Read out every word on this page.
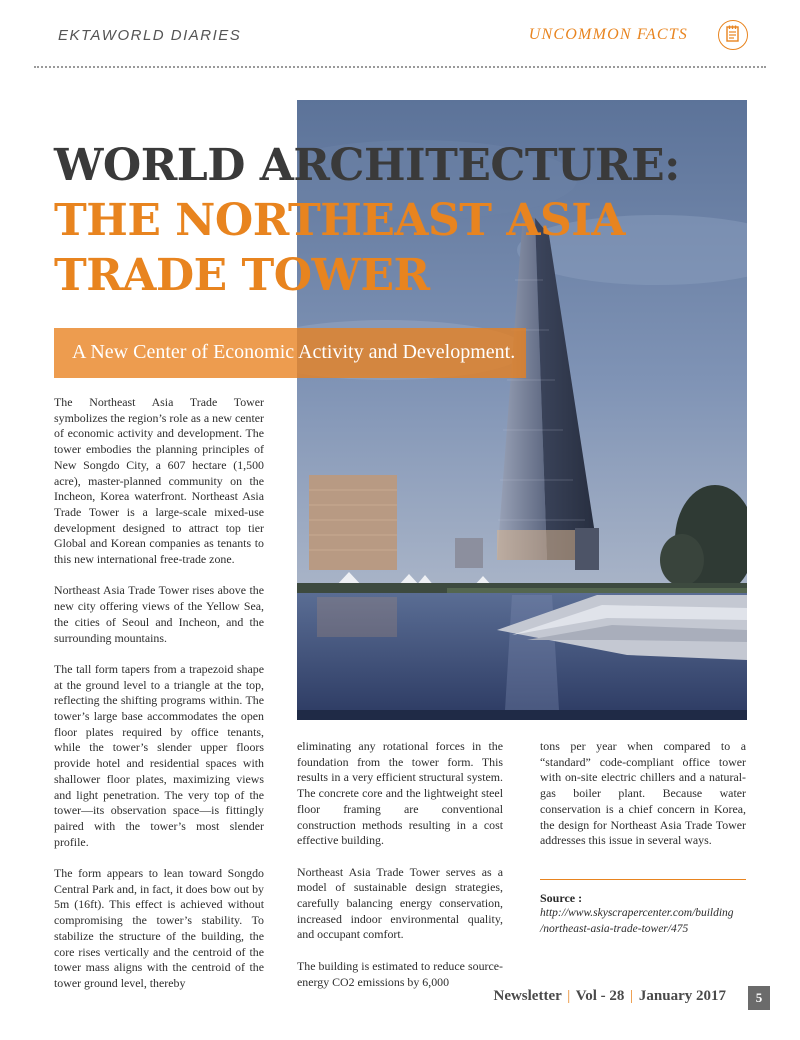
EKTAWORLD DIARIES	UNCOMMON FACTS
WORLD ARCHITECTURE:
THE NORTHEAST ASIA
TRADE TOWER
A New Center of Economic Activity and Development.

The Northeast Asia Trade Tower symbolizes the region’s role as a new center of economic activity and development. The tower embodies the planning principles of New Songdo City, a 607 hectare (1,500 acre), master-planned community on the Incheon, Korea waterfront. Northeast Asia Trade Tower is a large-scale mixed-use development designed to attract top tier Global and Korean companies as tenants to this new international free-trade zone.

Northeast Asia Trade Tower rises above the new city offering views of the Yellow Sea, the cities of Seoul and Incheon, and the surrounding mountains.

The tall form tapers from a trapezoid shape at the ground level to a triangle at the top, reflecting the shifting programs within. The tower’s large base accommodates the open floor plates required by office tenants, while the tower’s slender upper floors provide hotel and residential spaces with shallower floor plates, maximizing views and light penetration. The very top of the tower—its observation space—is fittingly paired with the tower’s most slender profile.

The form appears to lean toward Songdo Central Park and, in fact, it does bow out by 5m (16ft). This effect is achieved without compromising the tower’s stability. To stabilize the structure of the building, the core rises vertically and the centroid of the tower mass aligns with the centroid of the tower ground level, thereby

eliminating any rotational forces in the foundation from the tower form. This results in a very efficient structural system. The concrete core and the lightweight steel floor framing are conventional construction methods resulting in a cost effective building.

Northeast Asia Trade Tower serves as a model of sustainable design strategies, carefully balancing energy conservation, increased indoor environmental quality, and occupant comfort.

The building is estimated to reduce source-energy CO2 emissions by 6,000

tons per year when compared to a “standard” code-compliant office tower with on-site electric chillers and a natural-gas boiler plant. Because water conservation is a chief concern in Korea, the design for Northeast Asia Trade Tower addresses this issue in several ways.

Source :
http://www.skyscrapercenter.com/building
/northeast-asia-trade-tower/475
Newsletter | Vol - 28 | January 2017	5
